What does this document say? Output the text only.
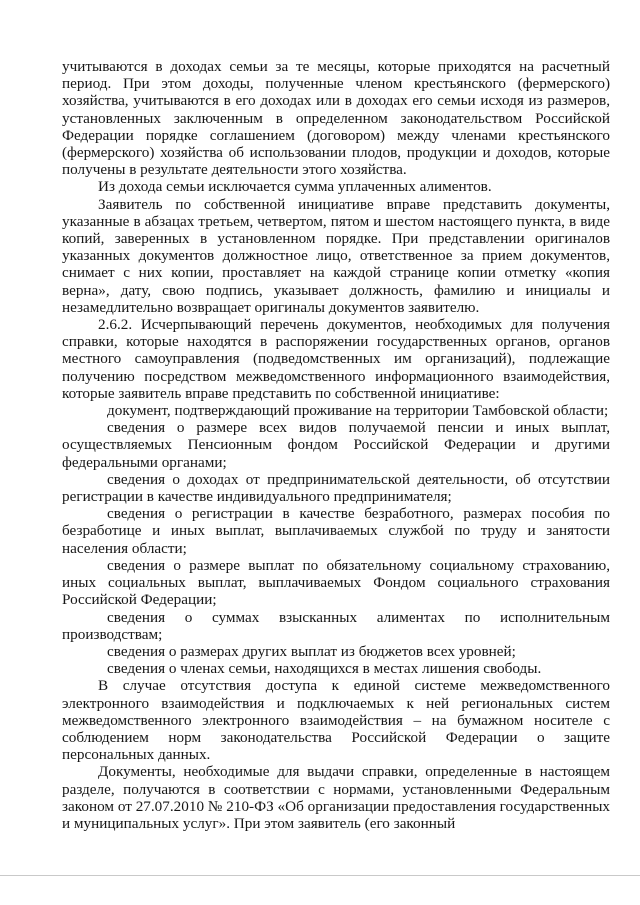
учитываются в доходах семьи за те месяцы, которые приходятся на расчетный период. При этом доходы, полученные членом крестьянского (фермерского) хозяйства, учитываются в его доходах или в доходах его семьи исходя из размеров, установленных заключенным в определенном законодательством Российской Федерации порядке соглашением (договором) между членами крестьянского (фермерского) хозяйства об использовании плодов, продукции и доходов, которые получены в результате деятельности этого хозяйства.

Из дохода семьи исключается сумма уплаченных алиментов.

Заявитель по собственной инициативе вправе представить документы, указанные в абзацах третьем, четвертом, пятом и шестом настоящего пункта, в виде копий, заверенных в установленном порядке. При представлении оригиналов указанных документов должностное лицо, ответственное за прием документов, снимает с них копии, проставляет на каждой странице копии отметку «копия верна», дату, свою подпись, указывает должность, фамилию и инициалы и незамедлительно возвращает оригиналы документов заявителю.

2.6.2. Исчерпывающий перечень документов, необходимых для получения справки, которые находятся в распоряжении государственных органов, органов местного самоуправления (подведомственных им организаций), подлежащие получению посредством межведомственного информационного взаимодействия, которые заявитель вправе представить по собственной инициативе:

документ, подтверждающий проживание на территории Тамбовской области;

сведения о размере всех видов получаемой пенсии и иных выплат, осуществляемых Пенсионным фондом Российской Федерации и другими федеральными органами;

сведения о доходах от предпринимательской деятельности, об отсутствии регистрации в качестве индивидуального предпринимателя;

сведения о регистрации в качестве безработного, размерах пособия по безработице и иных выплат, выплачиваемых службой по труду и занятости населения области;

сведения о размере выплат по обязательному социальному страхованию, иных социальных выплат, выплачиваемых Фондом социального страхования Российской Федерации;

сведения о суммах взысканных алиментах по исполнительным производствам;

сведения о размерах других выплат из бюджетов всех уровней;

сведения о членах семьи, находящихся в местах лишения свободы.

В случае отсутствия доступа к единой системе межведомственного электронного взаимодействия и подключаемых к ней региональных систем межведомственного электронного взаимодействия – на бумажном носителе с соблюдением норм законодательства Российской Федерации о защите персональных данных.

Документы, необходимые для выдачи справки, определенные в настоящем разделе, получаются в соответствии с нормами, установленными Федеральным законом от 27.07.2010 № 210-ФЗ «Об организации предоставления государственных и муниципальных услуг». При этом заявитель (его законный
